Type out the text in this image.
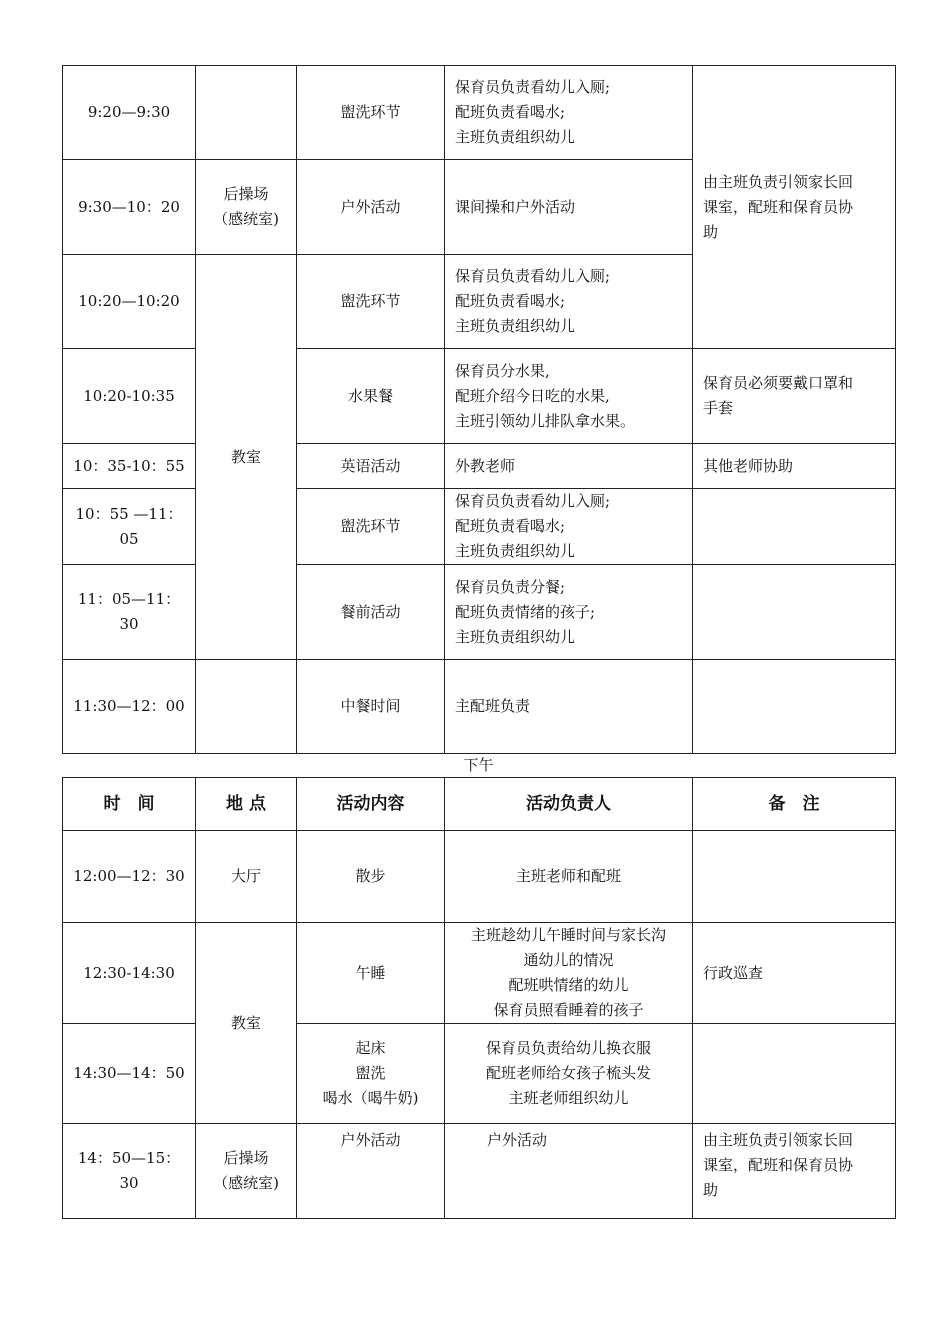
9:20—9:30		盥洗环节	保育员负责看幼儿入厕;
配班负责看喝水;
主班负责组织幼儿	由主班负责引领家长回
课室，配班和保育员协
助

9:30—10：20	后操场
（感统室)	户外活动	课间操和户外活动	
10:20—10:20	教室	盥洗环节	保育员负责看幼儿入厕;
配班负责看喝水;
主班负责组织幼儿	

10:20-10:35		水果餐	保育员分水果,
配班介绍今日吃的水果,
主班引领幼儿排队拿水果。	保育员必须要戴口罩和
手套

10：35-10：55		英语活动	外教老师	其他老师协助

10：55 —11：
05		盥洗环节	保育员负责看幼儿入厕;
配班负责看喝水;
主班负责组织幼儿	

11：05—11：
30		餐前活动	保育员负责分餐;
配班负责情绪的孩子;
主班负责组织幼儿	

11:30—12：00		中餐时间	主配班负责	
下午
时　间	地 点	活动内容	活动负责人	备　注
12:00—12：30	大厅	散步	主班老师和配班	
12:30-14:30	教室	午睡	主班趁幼儿午睡时间与家长沟
通幼儿的情况
配班哄情绪的幼儿
保育员照看睡着的孩子	行政巡查
14:30—14：50		起床
盥洗
喝水（喝牛奶)	保育员负责给幼儿换衣服
配班老师给女孩子梳头发
主班老师组织幼儿	

14：50—15：
30	后操场
（感统室)	户外活动	户外活动	由主班负责引领家长回
课室，配班和保育员协
助
